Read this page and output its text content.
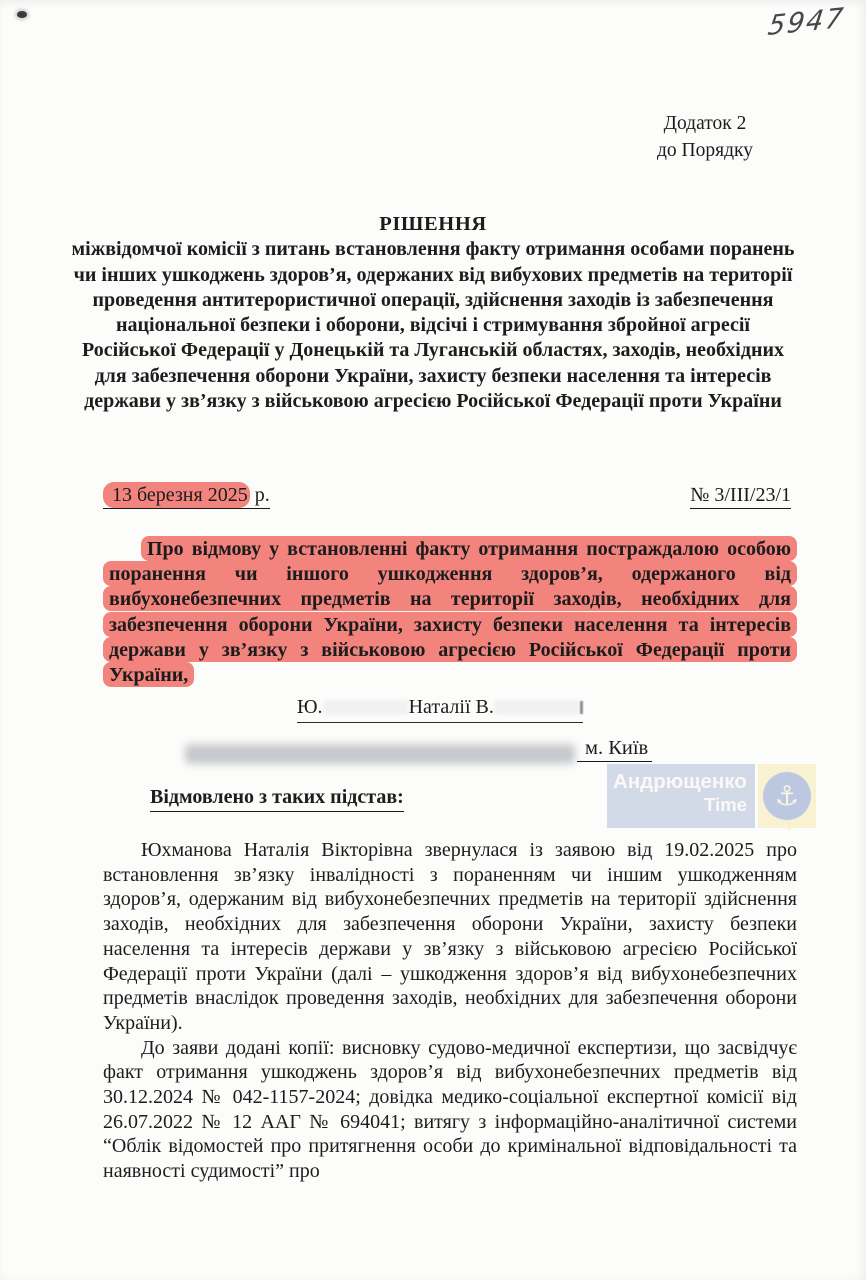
5947
Додаток 2
до Порядку
РІШЕННЯ
міжвідомчої комісії з питань встановлення факту отримання особами поранень чи інших ушкоджень здоров’я, одержаних від вибухових предметів на території проведення антитерористичної операції, здійснення заходів із забезпечення національної безпеки і оборони, відсічі і стримування збройної агресії Російської Федерації у Донецькій та Луганській областях, заходів, необхідних для забезпечення оборони України, захисту безпеки населення та інтересів держави у зв’язку з військовою агресією Російської Федерації проти України
13 березня 2025 р.	№ 3/ІІІ/23/1
Про відмову у встановленні факту отримання постраждалою особою поранення чи іншого ушкодження здоров’я, одержаного від вибухонебезпечних предметів на території заходів, необхідних для забезпечення оборони України, захисту безпеки населення та інтересів держави у зв’язку з військовою агресією Російської Федерації проти України,
Ю.	Наталії В.
м. Київ
Андрющенко
Time	⚓
Відмовлено з таких підстав:

Юхманова Наталія Вікторівна звернулася із заявою від 19.02.2025 про встановлення зв’язку інвалідності з пораненням чи іншим ушкодженням здоров’я, одержаним від вибухонебезпечних предметів на території здійснення заходів, необхідних для забезпечення оборони України, захисту безпеки населення та інтересів держави у зв’язку з військовою агресією Російської Федерації проти України (далі – ушкодження здоров’я від вибухонебезпечних предметів внаслідок проведення заходів, необхідних для забезпечення оборони України).

До заяви додані копії: висновку судово-медичної експертизи, що засвідчує факт отримання ушкоджень здоров’я від вибухонебезпечних предметів від 30.12.2024 № 042-1157-2024; довідка медико-соціальної експертної комісії від 26.07.2022 № 12 ААГ № 694041; витягу з інформаційно-аналітичної системи “Облік відомостей про притягнення особи до кримінальної відповідальності та наявності судимості” про
